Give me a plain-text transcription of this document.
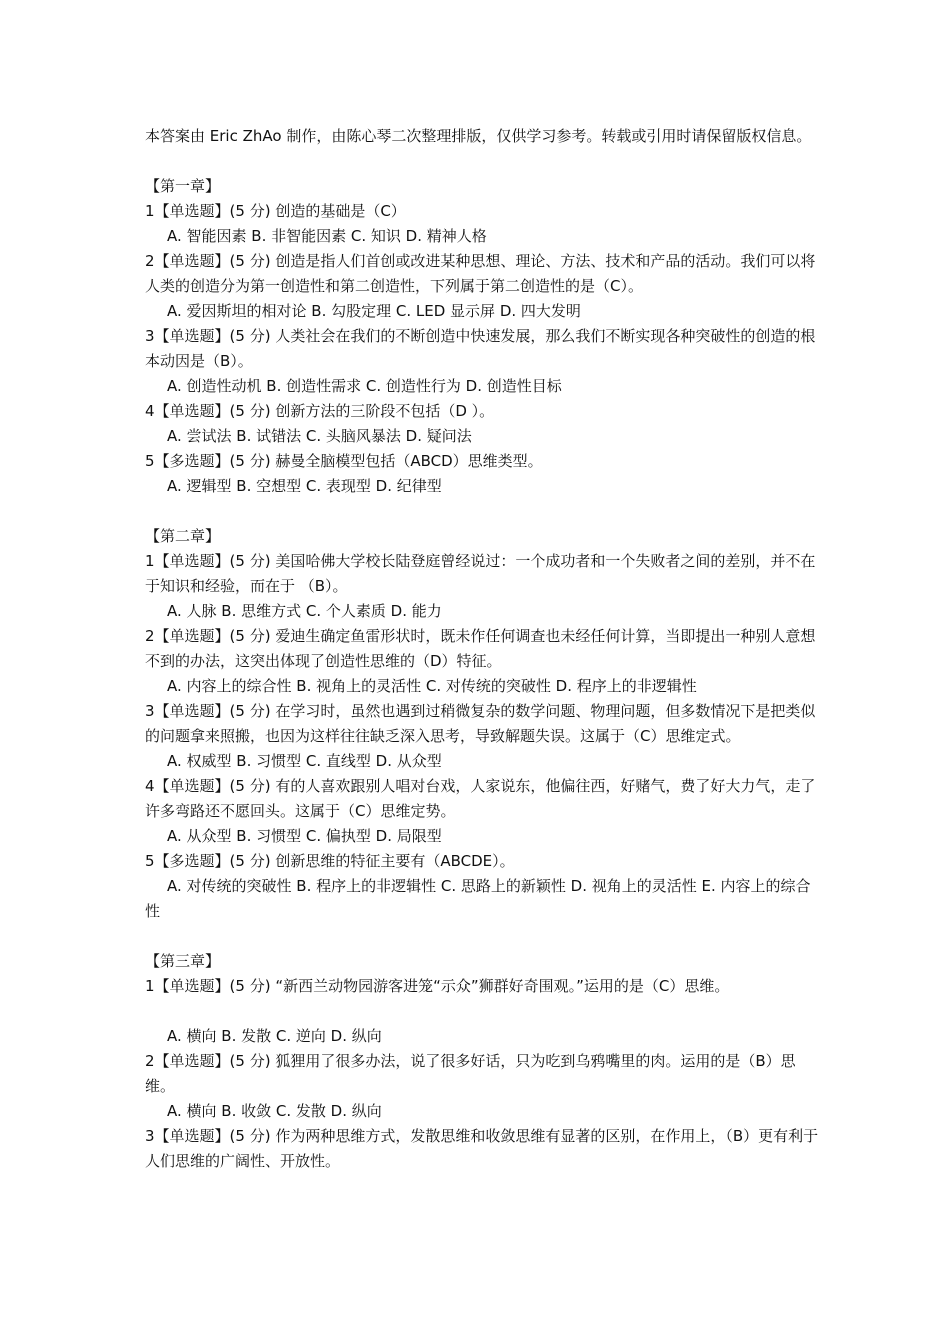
本答案由 Eric ZhAo 制作，由陈心琴二次整理排版，仅供学习参考。转载或引用时请保留版权信息。

【第一章】

1【单选题】(5 分) 创造的基础是（C）

A. 智能因素 B. 非智能因素 C. 知识 D. 精神人格

2【单选题】(5 分) 创造是指人们首创或改进某种思想、理论、方法、技术和产品的活动。我们可以将人类的创造分为第一创造性和第二创造性，下列属于第二创造性的是（C）。

A. 爱因斯坦的相对论 B. 勾股定理 C. LED 显示屏 D. 四大发明

3【单选题】(5 分) 人类社会在我们的不断创造中快速发展，那么我们不断实现各种突破性的创造的根本动因是（B）。

A. 创造性动机 B. 创造性需求 C. 创造性行为 D. 创造性目标

4【单选题】(5 分) 创新方法的三阶段不包括（D ）。

A. 尝试法 B. 试错法 C. 头脑风暴法 D. 疑问法

5【多选题】(5 分) 赫曼全脑模型包括（ABCD）思维类型。

A. 逻辑型 B. 空想型 C. 表现型 D. 纪律型

【第二章】

1【单选题】(5 分) 美国哈佛大学校长陆登庭曾经说过：一个成功者和一个失败者之间的差别，并不在于知识和经验，而在于 （B）。

A. 人脉 B. 思维方式 C. 个人素质 D. 能力

2【单选题】(5 分) 爱迪生确定鱼雷形状时，既未作任何调查也未经任何计算，当即提出一种别人意想不到的办法，这突出体现了创造性思维的（D）特征。

A. 内容上的综合性 B. 视角上的灵活性 C. 对传统的突破性 D. 程序上的非逻辑性

3【单选题】(5 分) 在学习时，虽然也遇到过稍微复杂的数学问题、物理问题，但多数情况下是把类似的问题拿来照搬，也因为这样往往缺乏深入思考，导致解题失误。这属于（C）思维定式。

A. 权威型 B. 习惯型 C. 直线型 D. 从众型

4【单选题】(5 分) 有的人喜欢跟别人唱对台戏，人家说东，他偏往西，好赌气，费了好大力气，走了许多弯路还不愿回头。这属于（C）思维定势。

A. 从众型 B. 习惯型 C. 偏执型 D. 局限型

5【多选题】(5 分) 创新思维的特征主要有（ABCDE）。

A. 对传统的突破性 B. 程序上的非逻辑性 C. 思路上的新颖性 D. 视角上的灵活性 E. 内容上的综合性

【第三章】

1【单选题】(5 分) “新西兰动物园游客进笼“示众”狮群好奇围观。”运用的是（C）思维。

A. 横向 B. 发散 C. 逆向 D. 纵向

2【单选题】(5 分) 狐狸用了很多办法，说了很多好话，只为吃到乌鸦嘴里的肉。运用的是（B）思维。

A. 横向 B. 收敛 C. 发散 D. 纵向

3【单选题】(5 分) 作为两种思维方式，发散思维和收敛思维有显著的区别，在作用上，（B）更有利于人们思维的广阔性、开放性。
